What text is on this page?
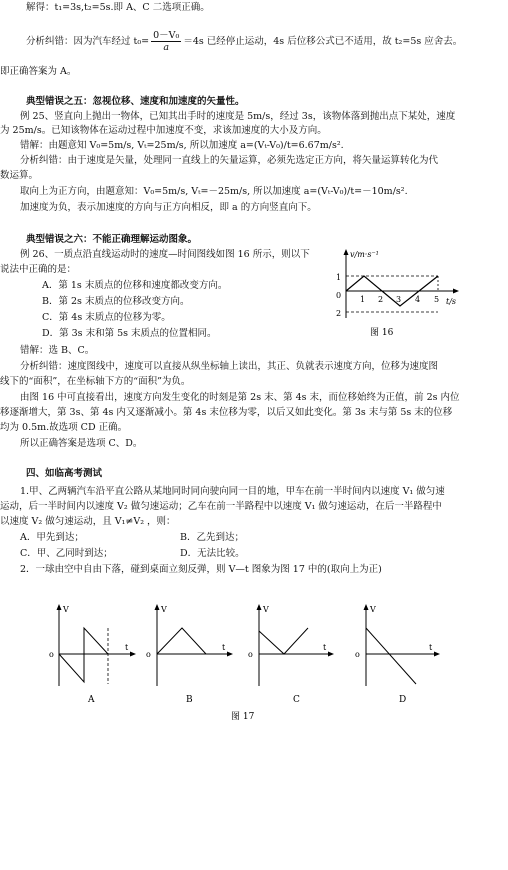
解得：t₁=3s,t₂=5s.即 A、C 二选项正确。
分析纠错：因为汽车经过 $t_0= \frac{\text{0－V₀}}{a} =4s$ 已经停止运动，4s 后位移公式已不适用，故 t₂=5s 应舍去。
即正确答案为 A。
典型错误之五：忽视位移、速度和加速度的矢量性。
例 25、竖直向上抛出一物体，已知其出手时的速度是 5m/s，经过 3s，该物体落到抛出点下某处，速度
为 25m/s。已知该物体在运动过程中加速度不变，求该加速度的大小及方向。
错解：由题意知 V₀=5m/s, Vₜ=25m/s, 所以加速度 a=(Vₜ-V₀)/t=6.67m/s².
分析纠错：由于速度是矢量，处理同一直线上的矢量运算，必须先选定正方向，将矢量运算转化为代
数运算。
取向上为正方向，由题意知：V₀=5m/s, Vₜ=－25m/s, 所以加速度 a=(Vₜ-V₀)/t=－10m/s².
加速度为负，表示加速度的方向与正方向相反，即 a 的方向竖直向下。
典型错误之六：不能正确理解运动图象。
例 26、一质点沿直线运动时的速度—时间图线如图 16 所示，则以下
说法中正确的是：
A．第 1s 末质点的位移和速度都改变方向。
B．第 2s 末质点的位移改变方向。
C．第 4s 末质点的位移为零。
D．第 3s 末和第 5s 末质点的位置相同。
错解：选 B、C。
分析纠错：速度图线中，速度可以直接从纵坐标轴上读出，其正、负就表示速度方向，位移为速度图
线下的“面积”，在坐标轴下方的“面积”为负。
由图 16 中可直接看出，速度方向发生变化的时刻是第 2s 末、第 4s 末，而位移始终为正值，前 2s 内位
移逐渐增大，第 3s、第 4s 内又逐渐减小。第 4s 末位移为零，以后又如此变化。第 3s 末与第 5s 末的位移
均为 0.5m.故选项 CD 正确。
所以正确答案是选项 C、D。
v/m·s⁻¹
t/s
0
1
2
1 2 3 4 5
图 16
四、如临高考测试
1.甲、乙两辆汽车沿平直公路从某地同时同向驶向同一目的地，甲车在前一半时间内以速度 V₁ 做匀速
运动，后一半时间内以速度 V₂ 做匀速运动；乙车在前一半路程中以速度 V₁ 做匀速运动，在后一半路程中
以速度 V₂ 做匀速运动，且 V₁≠V₂ ，则：
A．甲先到达；	B．乙先到达；
C．甲、乙同时到达；	D．无法比较。
2．一球由空中自由下落，碰到桌面立刻反弹，则 V—t 图象为图 17 中的(取向上为正)
V
t
o
A
V
t
o
B
V
t
o
C
V
t
o
D
图 17
